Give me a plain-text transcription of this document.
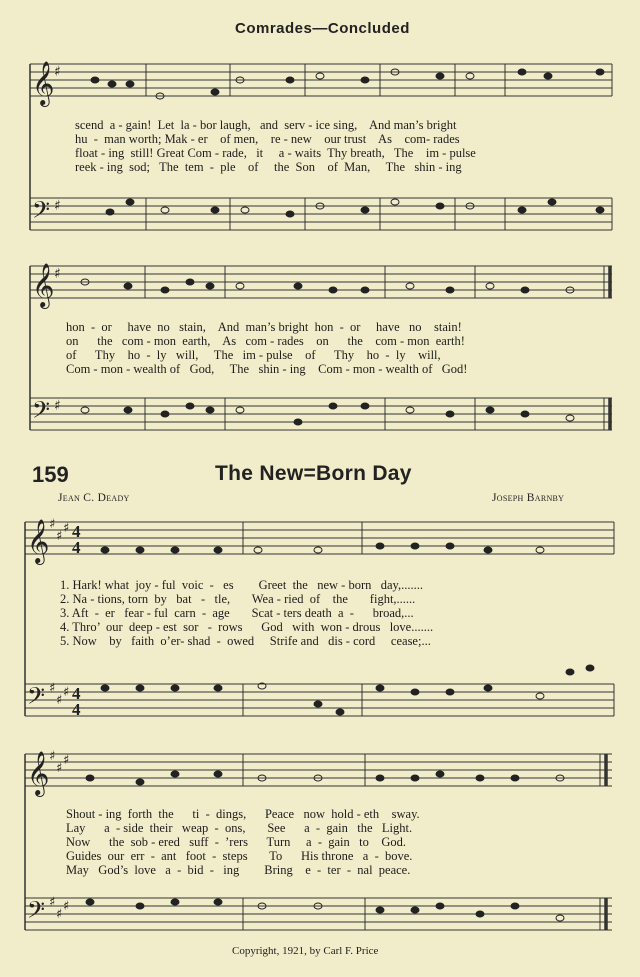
Comrades—Concluded
𝄞 ♯
𝄢 ♯
scend  a - gain!  Let  la - bor laugh,   and  serv - ice sing,    And man’s bright
hu  -  man worth; Mak - er    of men,    re - new    our trust    As    com- rades
float - ing  still! Great Com - rade,   it     a - waits  Thy breath,   The    im - pulse
reek - ing  sod;   The  tem  -  ple    of     the  Son    of  Man,     The   shin - ing
𝄞 ♯
𝄢 ♯
hon  -  or     have  no   stain,    And  man’s bright  hon  -  or     have   no    stain!
on      the   com - mon  earth,    As   com - rades    on      the    com - mon  earth!
of      Thy    ho  -  ly   will,     The   im - pulse    of      Thy    ho  -  ly    will,
Com - mon - wealth of   God,     The   shin - ing    Com - mon - wealth of   God!
159	The New=Born Day
Jean C. Deady	Joseph Barnby
𝄞 ♯
♯
♯ 4
4
𝄢 ♯
♯
♯ 4
4
1. Hark! what  joy - ful  voic  -   es        Greet  the   new - born   day,.......
2. Na - tions, torn  by   bat   -   tle,       Wea - ried  of    the       fight,......
3. Aft  -  er   fear - ful  carn  -  age       Scat - ters death  a  -      broad,...
4. Thro’  our  deep - est  sor   -  rows      God   with  won - drous   love.......
5. Now    by   faith  o’er- shad  -  owed     Strife and   dis - cord     cease;...
𝄞 ♯
♯
♯
𝄢 ♯
♯
♯
Shout - ing  forth  the      ti  -  dings,      Peace   now  hold - eth    sway.
Lay      a  - side  their   weap  -  ons,       See      a  -  gain   the   Light.
Now      the  sob - ered   suff  -  ’rers      Turn     a  -  gain   to    God.
Guides  our  err  -  ant   foot  -  steps       To      His throne   a  -  bove.
May   God’s  love   a  -  bid  -   ing        Bring    e  -  ter  -  nal  peace.
Copyright, 1921, by Carl F. Price
